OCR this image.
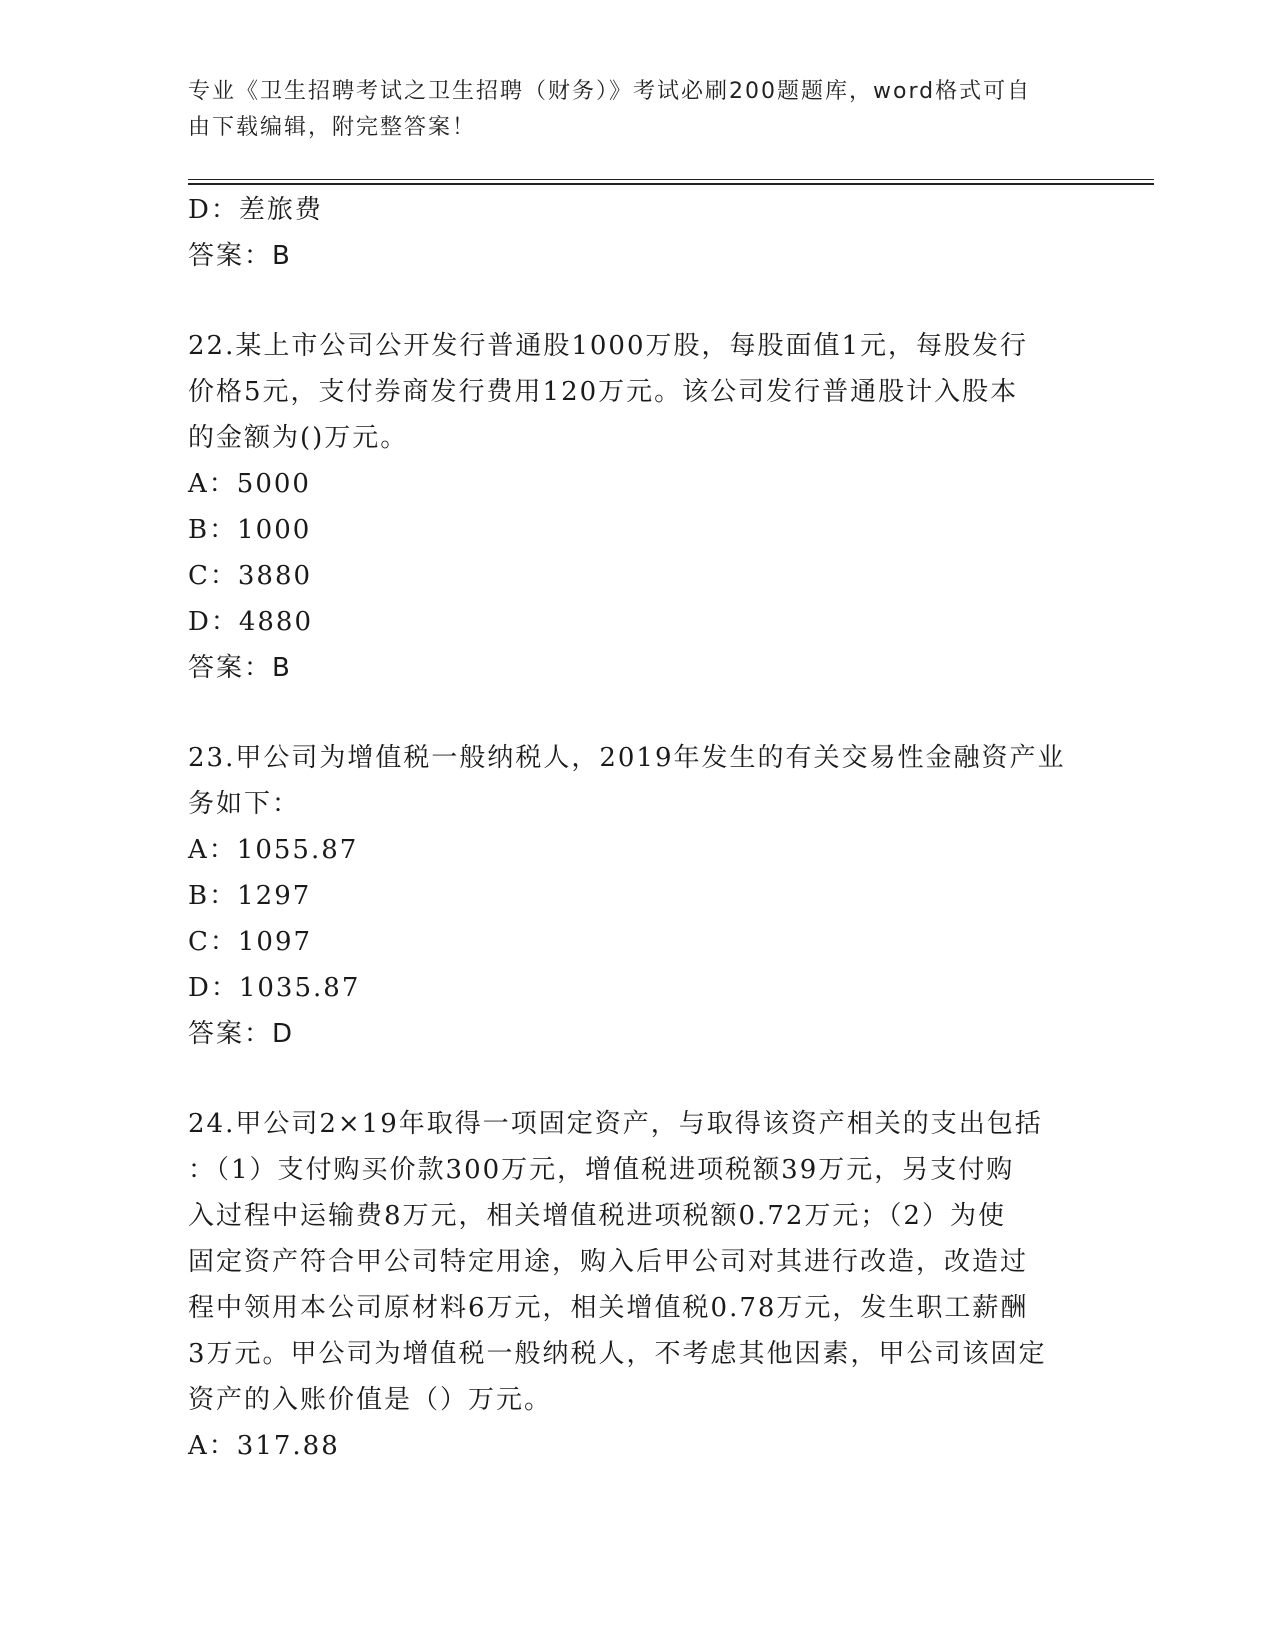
专业《卫生招聘考试之卫生招聘（财务）》考试必刷200题题库，word格式可自
由下载编辑，附完整答案！
D：差旅费
答案：B
22.某上市公司公开发行普通股1000万股，每股面值1元，每股发行
价格5元，支付券商发行费用120万元。该公司发行普通股计入股本
的金额为()万元。
A：5000
B：1000
C：3880
D：4880
答案：B
23.甲公司为增值税一般纳税人，2019年发生的有关交易性金融资产业
务如下：
A：1055.87
B：1297
C：1097
D：1035.87
答案：D
24.甲公司2×19年取得一项固定资产，与取得该资产相关的支出包括
：（1）支付购买价款300万元，增值税进项税额39万元，另支付购
入过程中运输费8万元，相关增值税进项税额0.72万元；（2）为使
固定资产符合甲公司特定用途，购入后甲公司对其进行改造，改造过
程中领用本公司原材料6万元，相关增值税0.78万元，发生职工薪酬
3万元。甲公司为增值税一般纳税人，不考虑其他因素，甲公司该固定
资产的入账价值是（）万元。
A：317.88
